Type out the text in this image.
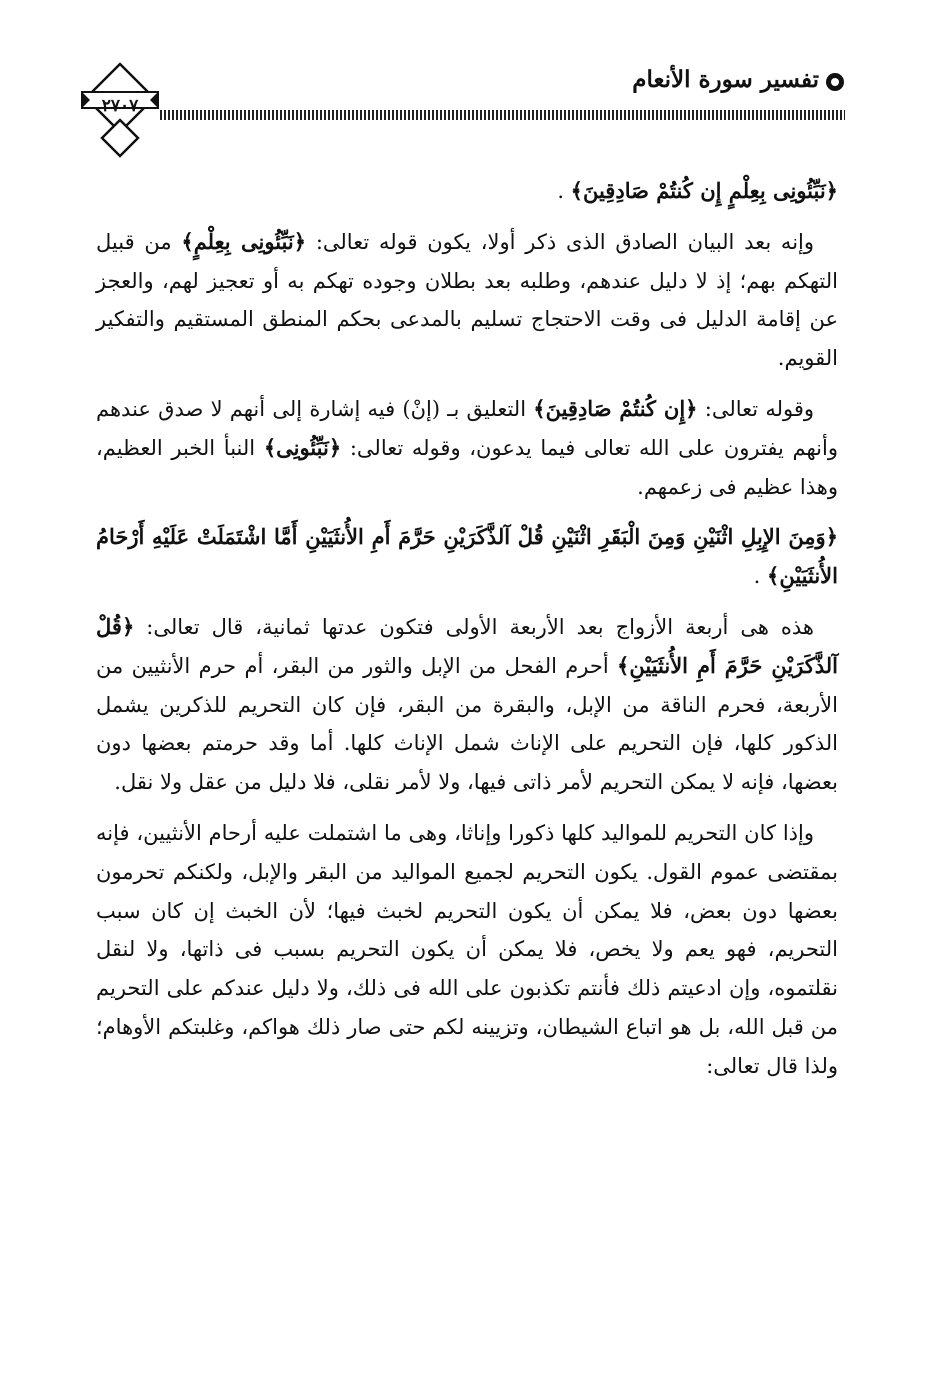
٢٧٠٧
تفسير سورة الأنعام

﴿نَبِّئُونِى بِعِلْمٍ إِن كُنتُمْ صَادِقِينَ﴾ .

وإنه بعد البيان الصادق الذى ذكر أولا، يكون قوله تعالى: ﴿نَبِّئُونِى بِعِلْمٍ﴾ من قبيل التهكم بهم؛ إذ لا دليل عندهم، وطلبه بعد بطلان وجوده تهكم به أو تعجيز لهم، والعجز عن إقامة الدليل فى وقت الاحتجاج تسليم بالمدعى بحكم المنطق المستقيم والتفكير القويم.

وقوله تعالى: ﴿إِن كُنتُمْ صَادِقِينَ﴾ التعليق بـ (إنْ) فيه إشارة إلى أنهم لا صدق عندهم وأنهم يفترون على الله تعالى فيما يدعون، وقوله تعالى: ﴿نَبِّئُونِى﴾ النبأ الخبر العظيم، وهذا عظيم فى زعمهم.

﴿وَمِنَ الإِبِلِ اثْنَيْنِ وَمِنَ الْبَقَرِ اثْنَيْنِ قُلْ آلذَّكَرَيْنِ حَرَّمَ أَمِ الأُنثَيَيْنِ أَمَّا اشْتَمَلَتْ عَلَيْهِ أَرْحَامُ الأُنثَيَيْنِ﴾ .

هذه هى أربعة الأزواج بعد الأربعة الأولى فتكون عدتها ثمانية، قال تعالى: ﴿قُلْ آلذَّكَرَيْنِ حَرَّمَ أَمِ الأُنثَيَيْنِ﴾ أحرم الفحل من الإبل والثور من البقر، أم حرم الأنثيين من الأربعة، فحرم الناقة من الإبل، والبقرة من البقر، فإن كان التحريم للذكرين يشمل الذكور كلها، فإن التحريم على الإناث شمل الإناث كلها. أما وقد حرمتم بعضها دون بعضها، فإنه لا يمكن التحريم لأمر ذاتى فيها، ولا لأمر نقلى، فلا دليل من عقل ولا نقل.

وإذا كان التحريم للمواليد كلها ذكورا وإناثا، وهى ما اشتملت عليه أرحام الأنثيين، فإنه بمقتضى عموم القول. يكون التحريم لجميع المواليد من البقر والإبل، ولكنكم تحرمون بعضها دون بعض، فلا يمكن أن يكون التحريم لخبث فيها؛ لأن الخبث إن كان سبب التحريم، فهو يعم ولا يخص، فلا يمكن أن يكون التحريم بسبب فى ذاتها، ولا لنقل نقلتموه، وإن ادعيتم ذلك فأنتم تكذبون على الله فى ذلك، ولا دليل عندكم على التحريم من قبل الله، بل هو اتباع الشيطان، وتزيينه لكم حتى صار ذلك هواكم، وغلبتكم الأوهام؛ ولذا قال تعالى:
